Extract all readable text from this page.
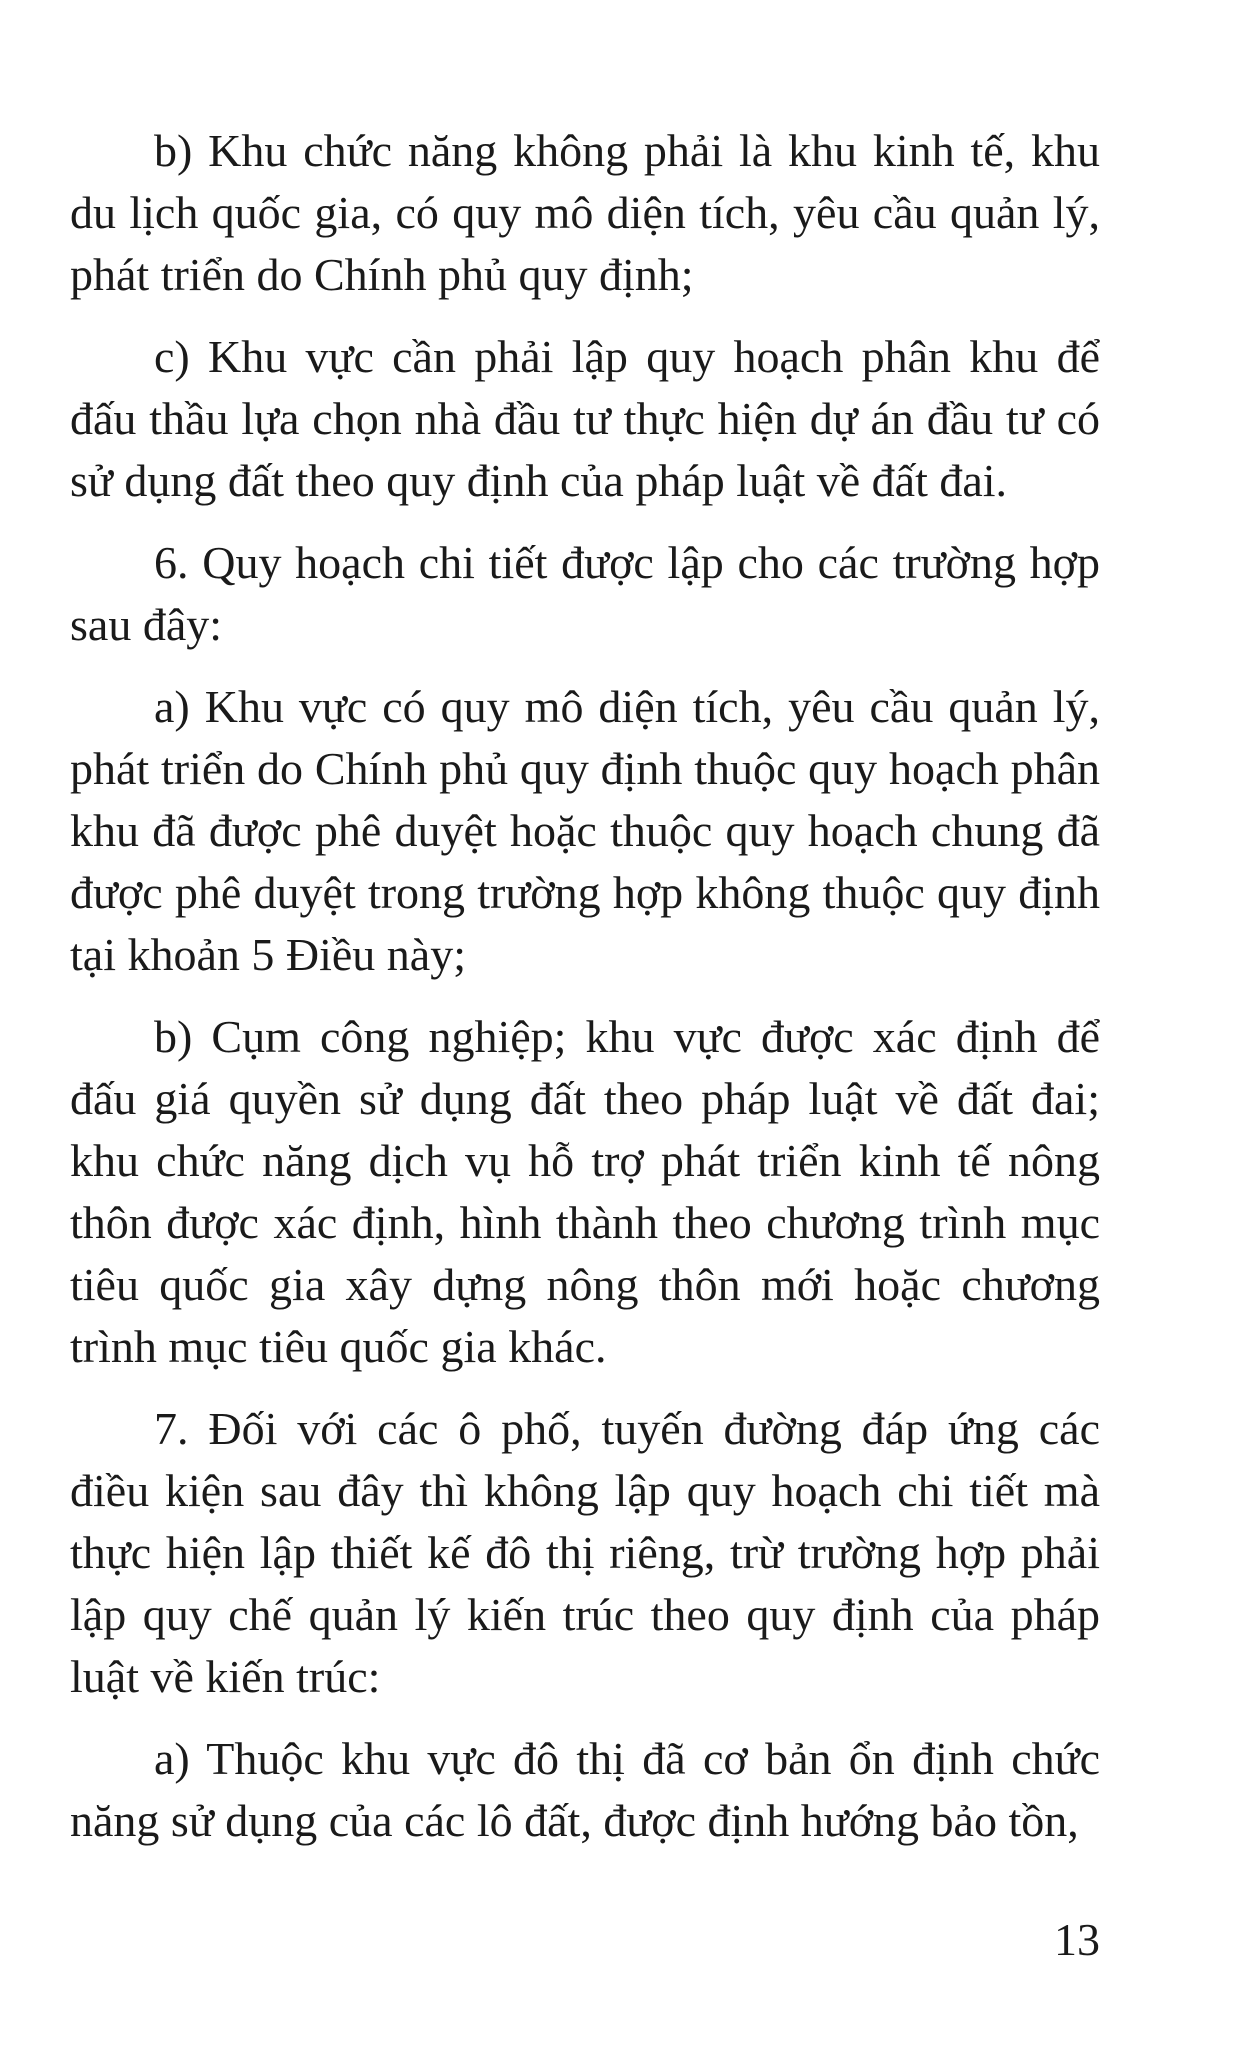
b) Khu chức năng không phải là khu kinh tế, khu du lịch quốc gia, có quy mô diện tích, yêu cầu quản lý, phát triển do Chính phủ quy định;

c) Khu vực cần phải lập quy hoạch phân khu để đấu thầu lựa chọn nhà đầu tư thực hiện dự án đầu tư có sử dụng đất theo quy định của pháp luật về đất đai.

6. Quy hoạch chi tiết được lập cho các trường hợp sau đây:

a) Khu vực có quy mô diện tích, yêu cầu quản lý, phát triển do Chính phủ quy định thuộc quy hoạch phân khu đã được phê duyệt hoặc thuộc quy hoạch chung đã được phê duyệt trong trường hợp không thuộc quy định tại khoản 5 Điều này;

b) Cụm công nghiệp; khu vực được xác định để đấu giá quyền sử dụng đất theo pháp luật về đất đai; khu chức năng dịch vụ hỗ trợ phát triển kinh tế nông thôn được xác định, hình thành theo chương trình mục tiêu quốc gia xây dựng nông thôn mới hoặc chương trình mục tiêu quốc gia khác.

7. Đối với các ô phố, tuyến đường đáp ứng các điều kiện sau đây thì không lập quy hoạch chi tiết mà thực hiện lập thiết kế đô thị riêng, trừ trường hợp phải lập quy chế quản lý kiến trúc theo quy định của pháp luật về kiến trúc:

a) Thuộc khu vực đô thị đã cơ bản ổn định chức năng sử dụng của các lô đất, được định hướng bảo tồn,

13
